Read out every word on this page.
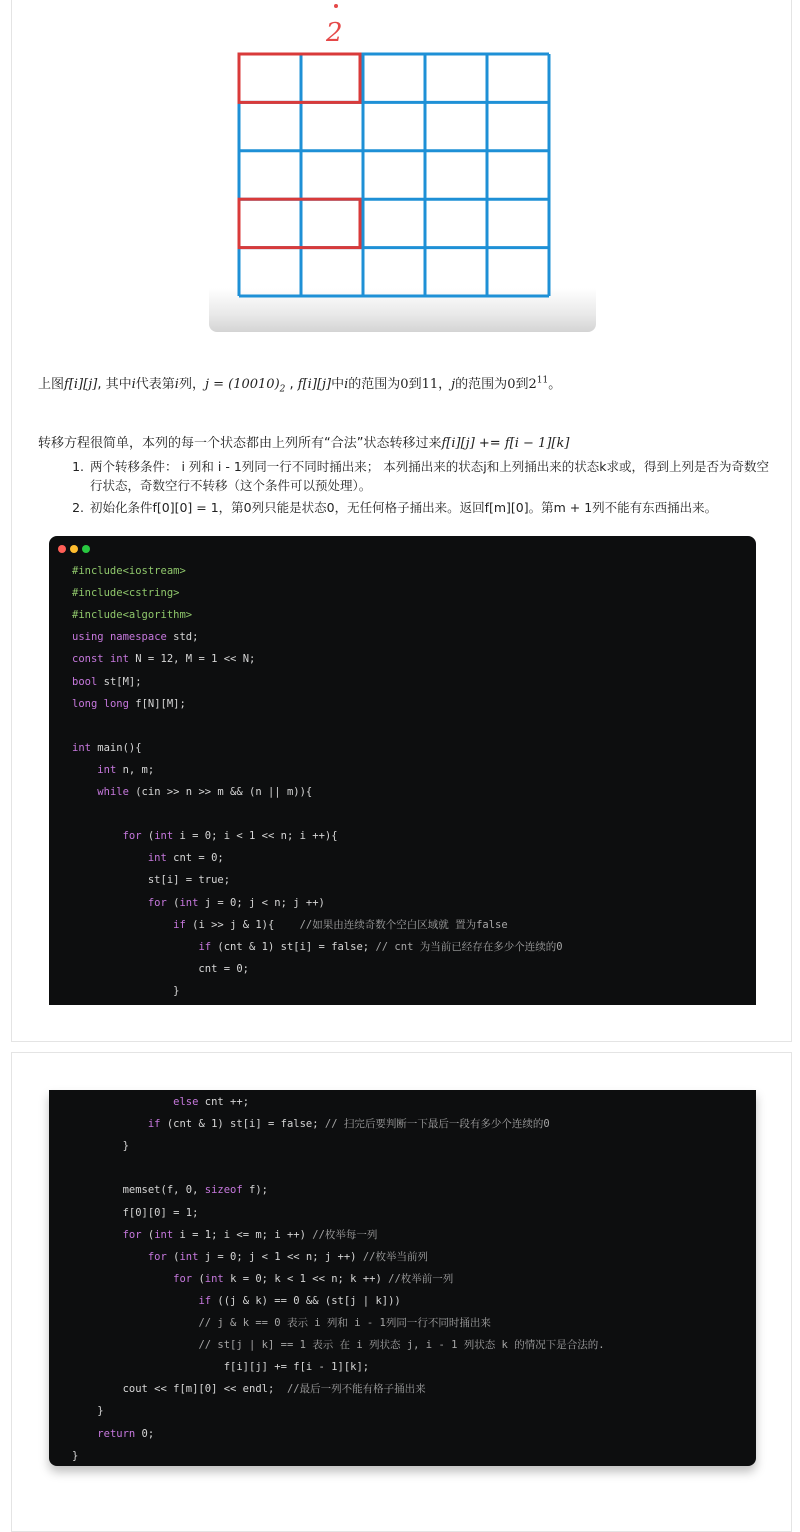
2
上图f[i][j], 其中i代表第i列，$j = (10010)_2$ , f[i][j]中i的范围为0到11，j的范围为0到$2^{11}$。
转移方程很简单，本列的每一个状态都由上列所有“合法”状态转移过来f[i][j] += f[i − 1][k]
1. 两个转移条件： i 列和 i - 1列同一行不同时捅出来； 本列捅出来的状态j和上列捅出来的状态k求或，得到上列是否为奇数空行状态，奇数空行不转移（这个条件可以预处理）。
2. 初始化条件f[0][0] = 1，第0列只能是状态0，无任何格子捅出来。返回f[m][0]。第m + 1列不能有东西捅出来。
#include<iostream>
#include<cstring>
#include<algorithm>
using namespace std;
const int N = 12, M = 1 << N;
bool st[M];
long long f[N][M];
int main(){
int n, m;
while (cin >> n >> m && (n || m)){
for (int i = 0; i < 1 << n; i ++){
int cnt = 0;
st[i] = true;
for (int j = 0; j < n; j ++)
if (i >> j & 1){    //如果由连续奇数个空白区域就 置为false
if (cnt & 1) st[i] = false; // cnt 为当前已经存在多少个连续的0
cnt = 0;
}
else cnt ++;
if (cnt & 1) st[i] = false; // 扫完后要判断一下最后一段有多少个连续的0
}
memset(f, 0, sizeof f);
f[0][0] = 1;
for (int i = 1; i <= m; i ++) //枚举每一列
for (int j = 0; j < 1 << n; j ++) //枚举当前列
for (int k = 0; k < 1 << n; k ++) //枚举前一列
if ((j & k) == 0 && (st[j | k]))
// j & k == 0 表示 i 列和 i - 1列同一行不同时捅出来
// st[j | k] == 1 表示 在 i 列状态 j, i - 1 列状态 k 的情况下是合法的.
f[i][j] += f[i - 1][k];
cout << f[m][0] << endl;  //最后一列不能有格子捅出来
}
return 0;
}
